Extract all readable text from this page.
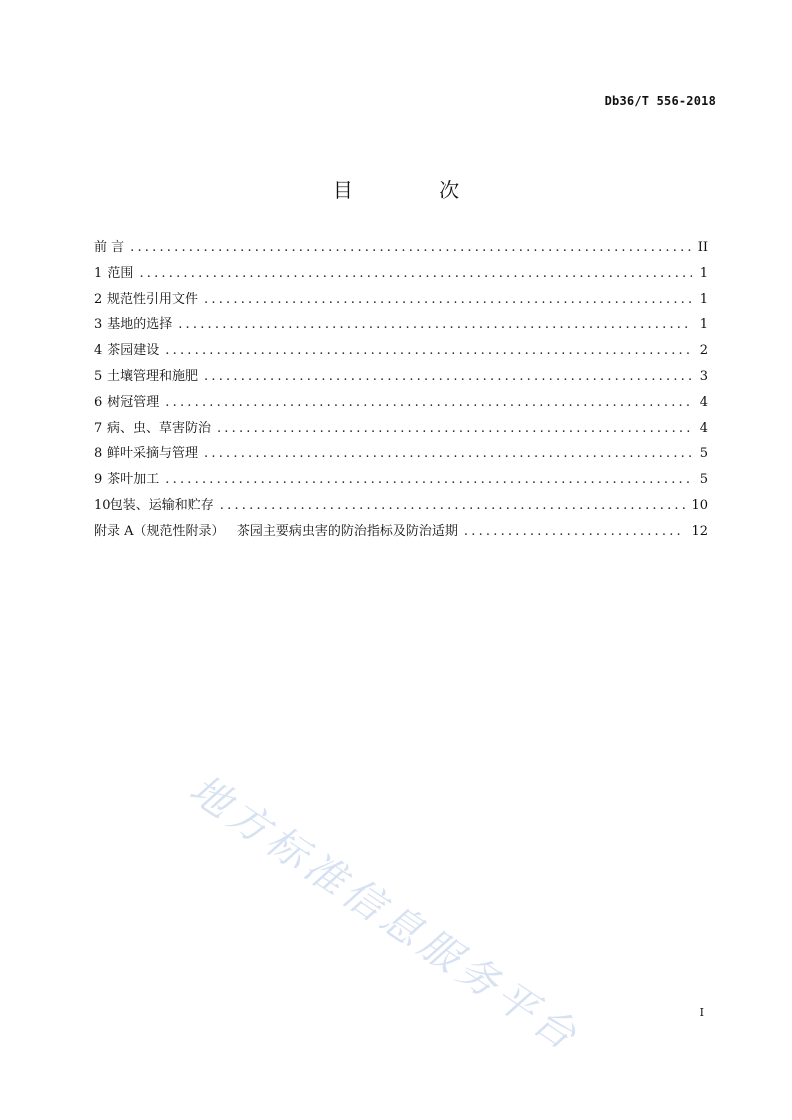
Db36/T 556-2018
目 次
前 言 .....	II
1 范围 .....	1
2 规范性引用文件 .....	1
3 基地的选择 .....	1
4 茶园建设 .....	2
5 土壤管理和施肥 .....	3
6 树冠管理 .....	4
7 病、虫、草害防治 .....	4
8 鲜叶采摘与管理 .....	5
9 茶叶加工 .....	5
10 包装、运输和贮存 .....	10
附录 A（规范性附录）   茶园主要病虫害的防治指标及防治适期 .....	12
地方标准信息服务平台	I
